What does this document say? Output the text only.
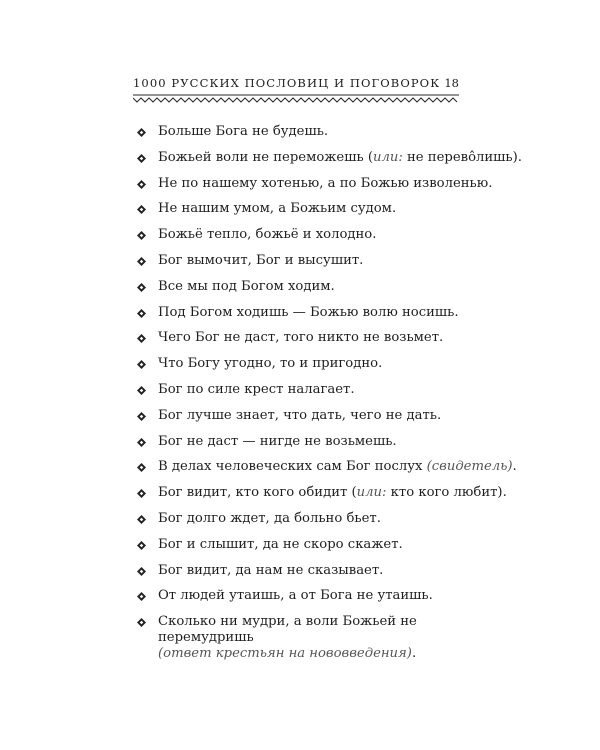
1000 РУССКИХ ПОСЛОВИЦ И ПОГОВОРОК 18
Больше Бога не будешь.
Божьей воли не переможешь (или: не перево̂лишь).
Не по нашему хотенью, а по Божью изволенью.
Не нашим умом, а Божьим судом.
Божьё тепло, божьё и холодно.
Бог вымочит, Бог и высушит.
Все мы под Богом ходим.
Под Богом ходишь — Божью волю носишь.
Чего Бог не даст, того никто не возьмет.
Что Богу угодно, то и пригодно.
Бог по силе крест налагает.
Бог лучше знает, что дать, чего не дать.
Бог не даст — нигде не возьмешь.
В делах человеческих сам Бог послух (свидетель).
Бог видит, кто кого обидит (или: кто кого любит).
Бог долго ждет, да больно бьет.
Бог и слышит, да не скоро скажет.
Бог видит, да нам не сказывает.
От людей утаишь, а от Бога не утаишь.
Сколько ни мудри, а воли Божьей не перемудришь
(ответ крестьян на нововведения).
